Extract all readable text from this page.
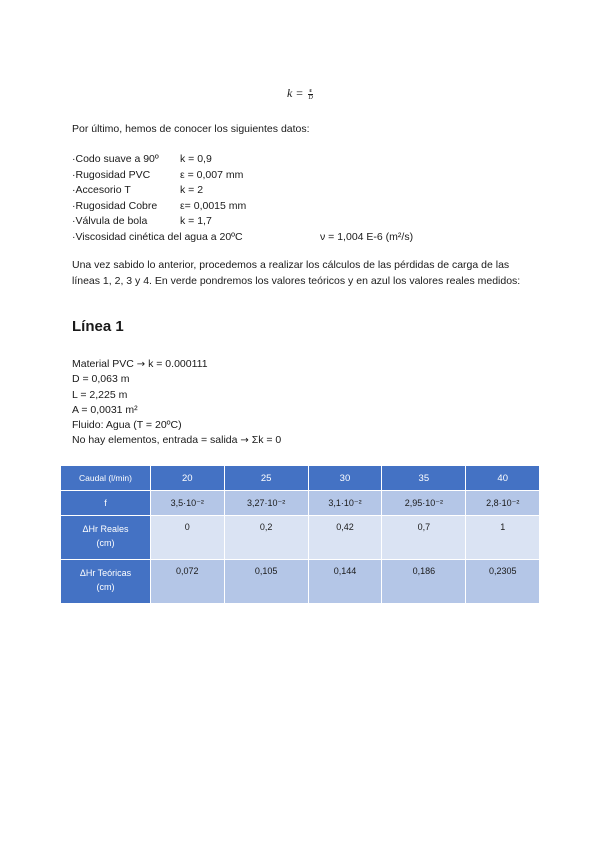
$k = \frac{\varepsilon}{D}$
Por último, hemos de conocer los siguientes datos:
·Codo suave a 90º k = 0,9
·Rugosidad PVC	ε = 0,007 mm
·Accesorio T	k = 2
·Rugosidad Cobre ε= 0,0015 mm
·Válvula de bola	k = 1,7
·Viscosidad cinética del agua a 20ºC	ν = 1,004 E-6 (m²/s)
Una vez sabido lo anterior, procedemos a realizar los cálculos de las pérdidas de carga de las líneas 1, 2, 3 y 4. En verde pondremos los valores teóricos y en azul los valores reales medidos:
Línea 1
Material PVC → k = 0.000111
D = 0,063 m
L = 2,225 m
A = 0,0031 m²
Fluido: Agua (T = 20ºC)
No hay elementos, entrada = salida → Σk = 0
Caudal (l/min)	20	25	30	35	40
f	3,5·10⁻²	3,27·10⁻²	3,1·10⁻²	2,95·10⁻²	2,8·10⁻²

ΔHr Reales
(cm)	0	0,2	0,42	0,7	1

ΔHr Teóricas
(cm)	0,072	0,105	0,144	0,186	0,2305
